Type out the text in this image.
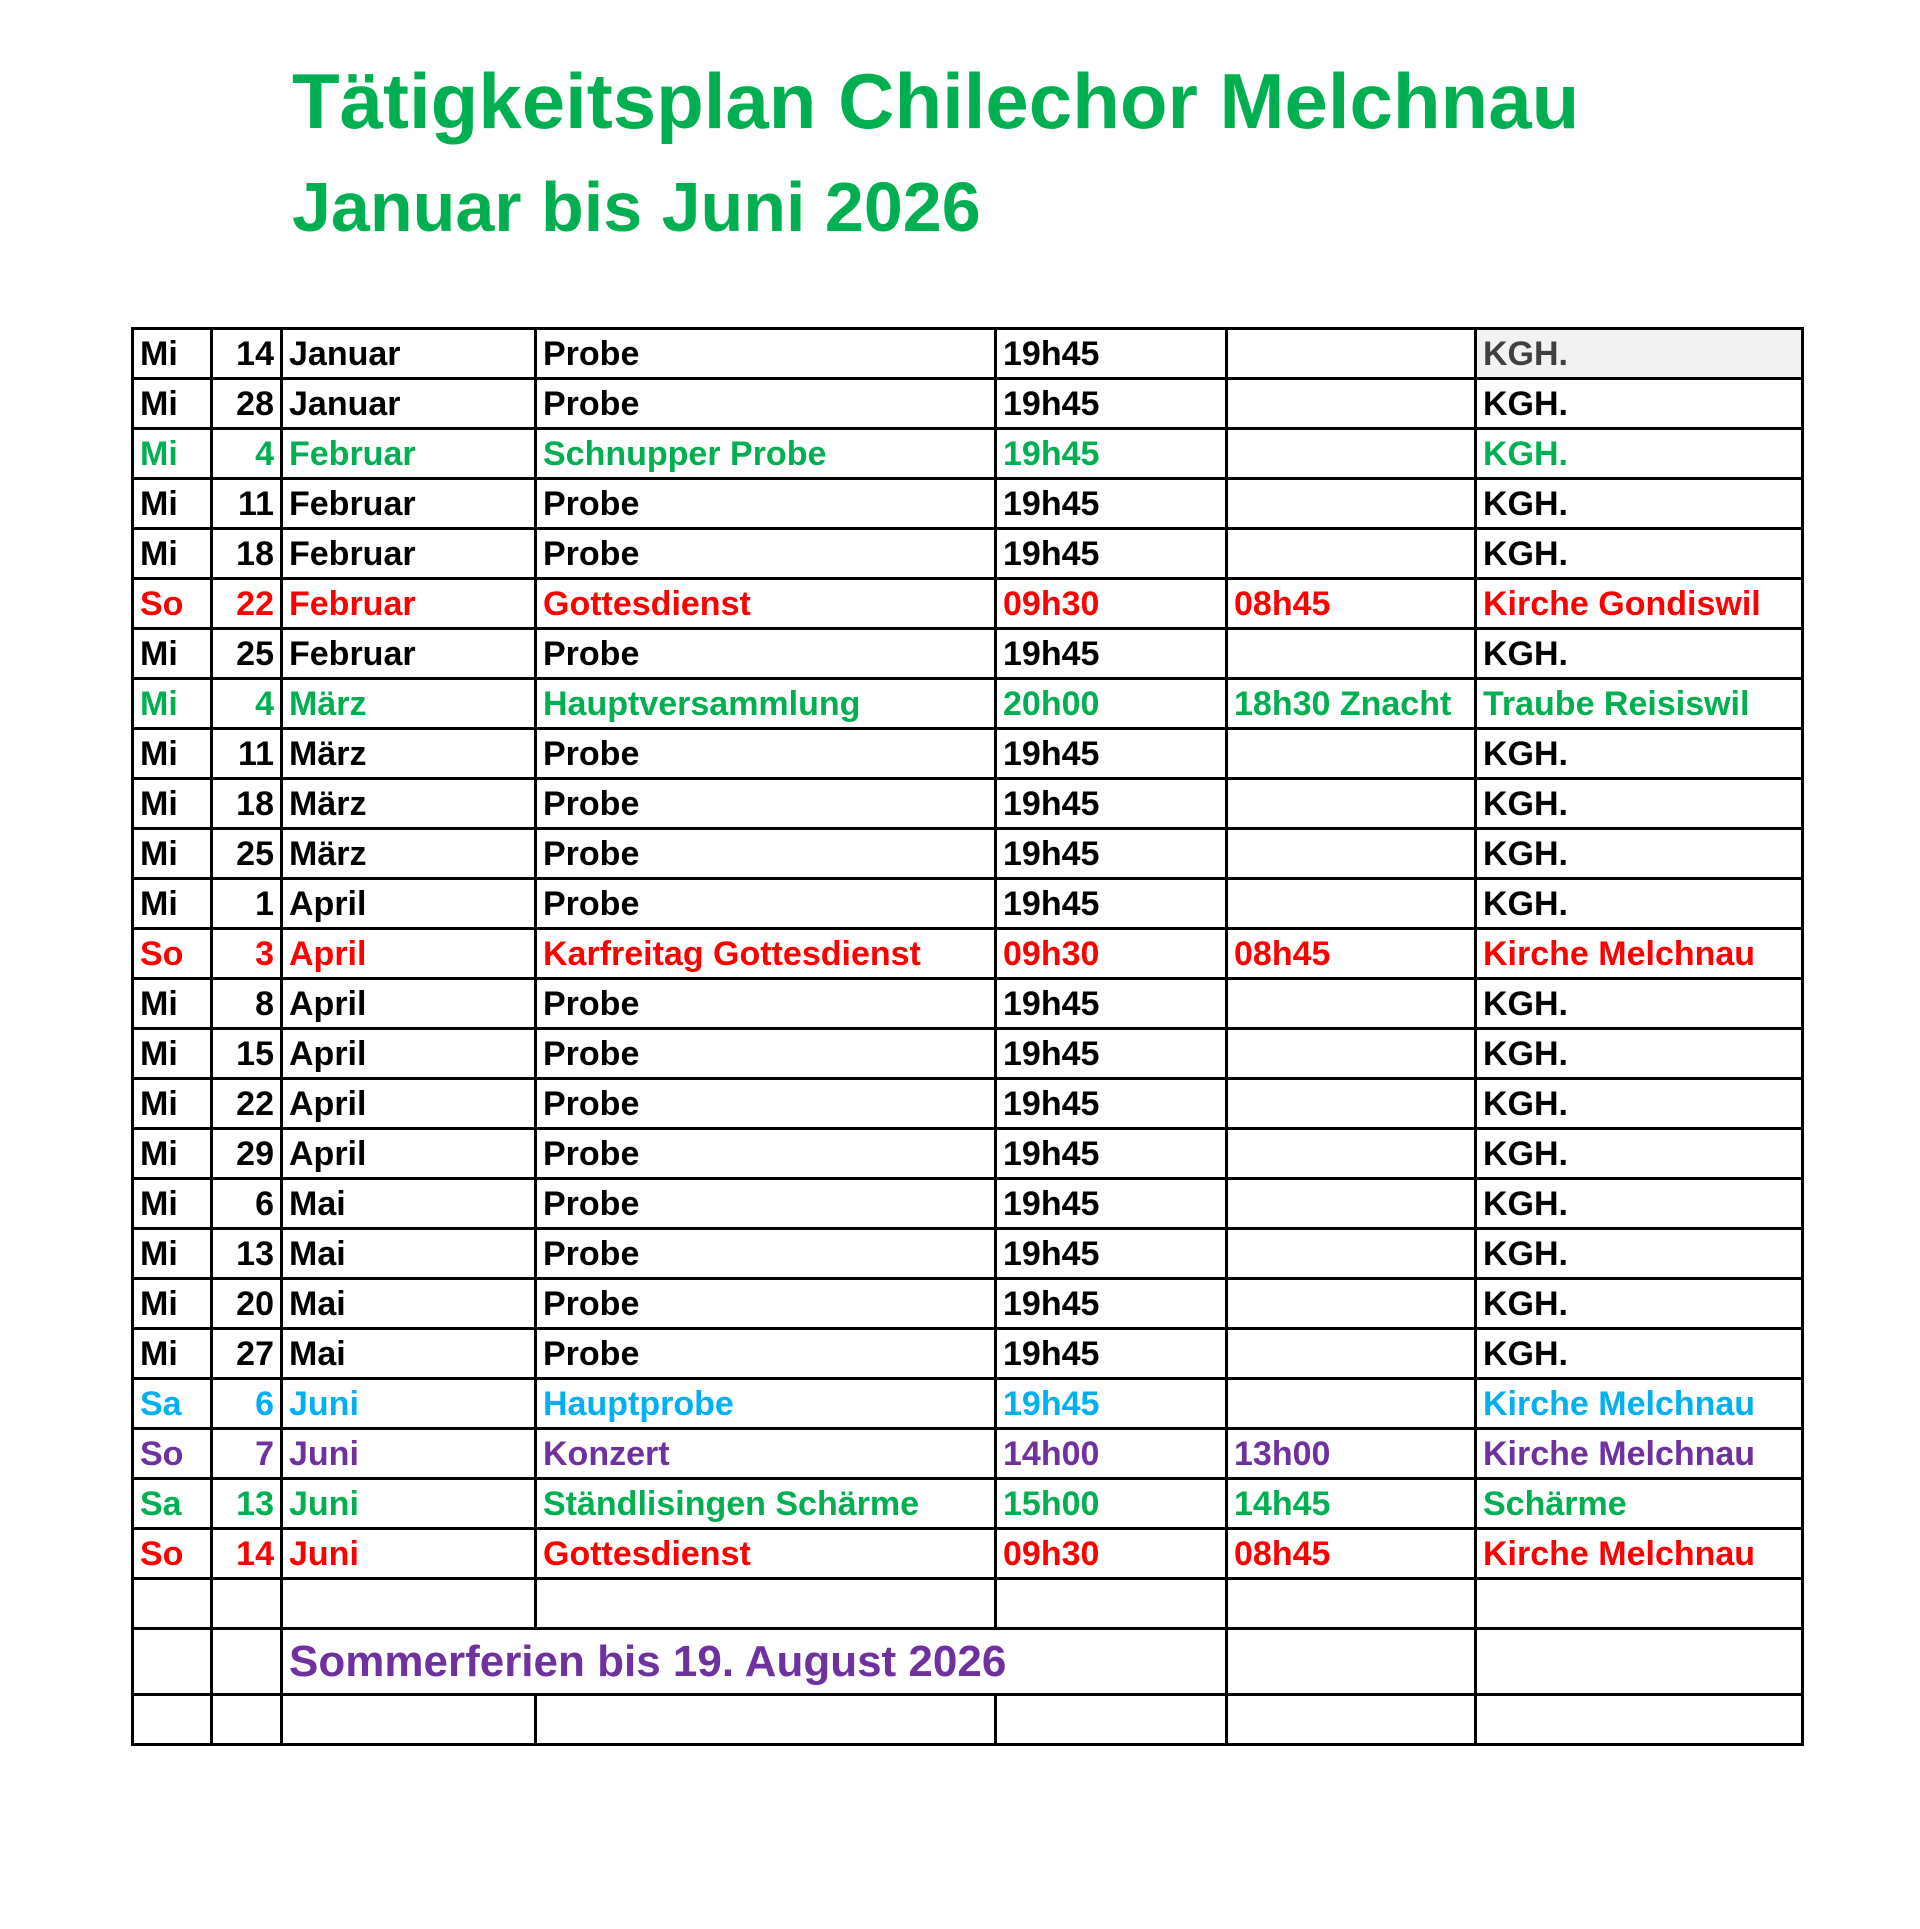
Tätigkeitsplan Chilechor Melchnau
Januar bis Juni 2026
Mi	14	Januar	Probe	19h45		KGH.
Mi	28	Januar	Probe	19h45		KGH.
Mi	4	Februar	Schnupper Probe	19h45		KGH.
Mi	11	Februar	Probe	19h45		KGH.
Mi	18	Februar	Probe	19h45		KGH.
So	22	Februar	Gottesdienst	09h30	08h45	Kirche Gondiswil
Mi	25	Februar	Probe	19h45		KGH.
Mi	4	März	Hauptversammlung	20h00	18h30 Znacht	Traube Reisiswil
Mi	11	März	Probe	19h45		KGH.
Mi	18	März	Probe	19h45		KGH.
Mi	25	März	Probe	19h45		KGH.
Mi	1	April	Probe	19h45		KGH.
So	3	April	Karfreitag Gottesdienst	09h30	08h45	Kirche Melchnau
Mi	8	April	Probe	19h45		KGH.
Mi	15	April	Probe	19h45		KGH.
Mi	22	April	Probe	19h45		KGH.
Mi	29	April	Probe	19h45		KGH.
Mi	6	Mai	Probe	19h45		KGH.
Mi	13	Mai	Probe	19h45		KGH.
Mi	20	Mai	Probe	19h45		KGH.
Mi	27	Mai	Probe	19h45		KGH.
Sa	6	Juni	Hauptprobe	19h45		Kirche Melchnau
So	7	Juni	Konzert	14h00	13h00	Kirche Melchnau
Sa	13	Juni	Ständlisingen Schärme	15h00	14h45	Schärme
So	14	Juni	Gottesdienst	09h30	08h45	Kirche Melchnau

		Sommerferien bis 19. August 2026				
